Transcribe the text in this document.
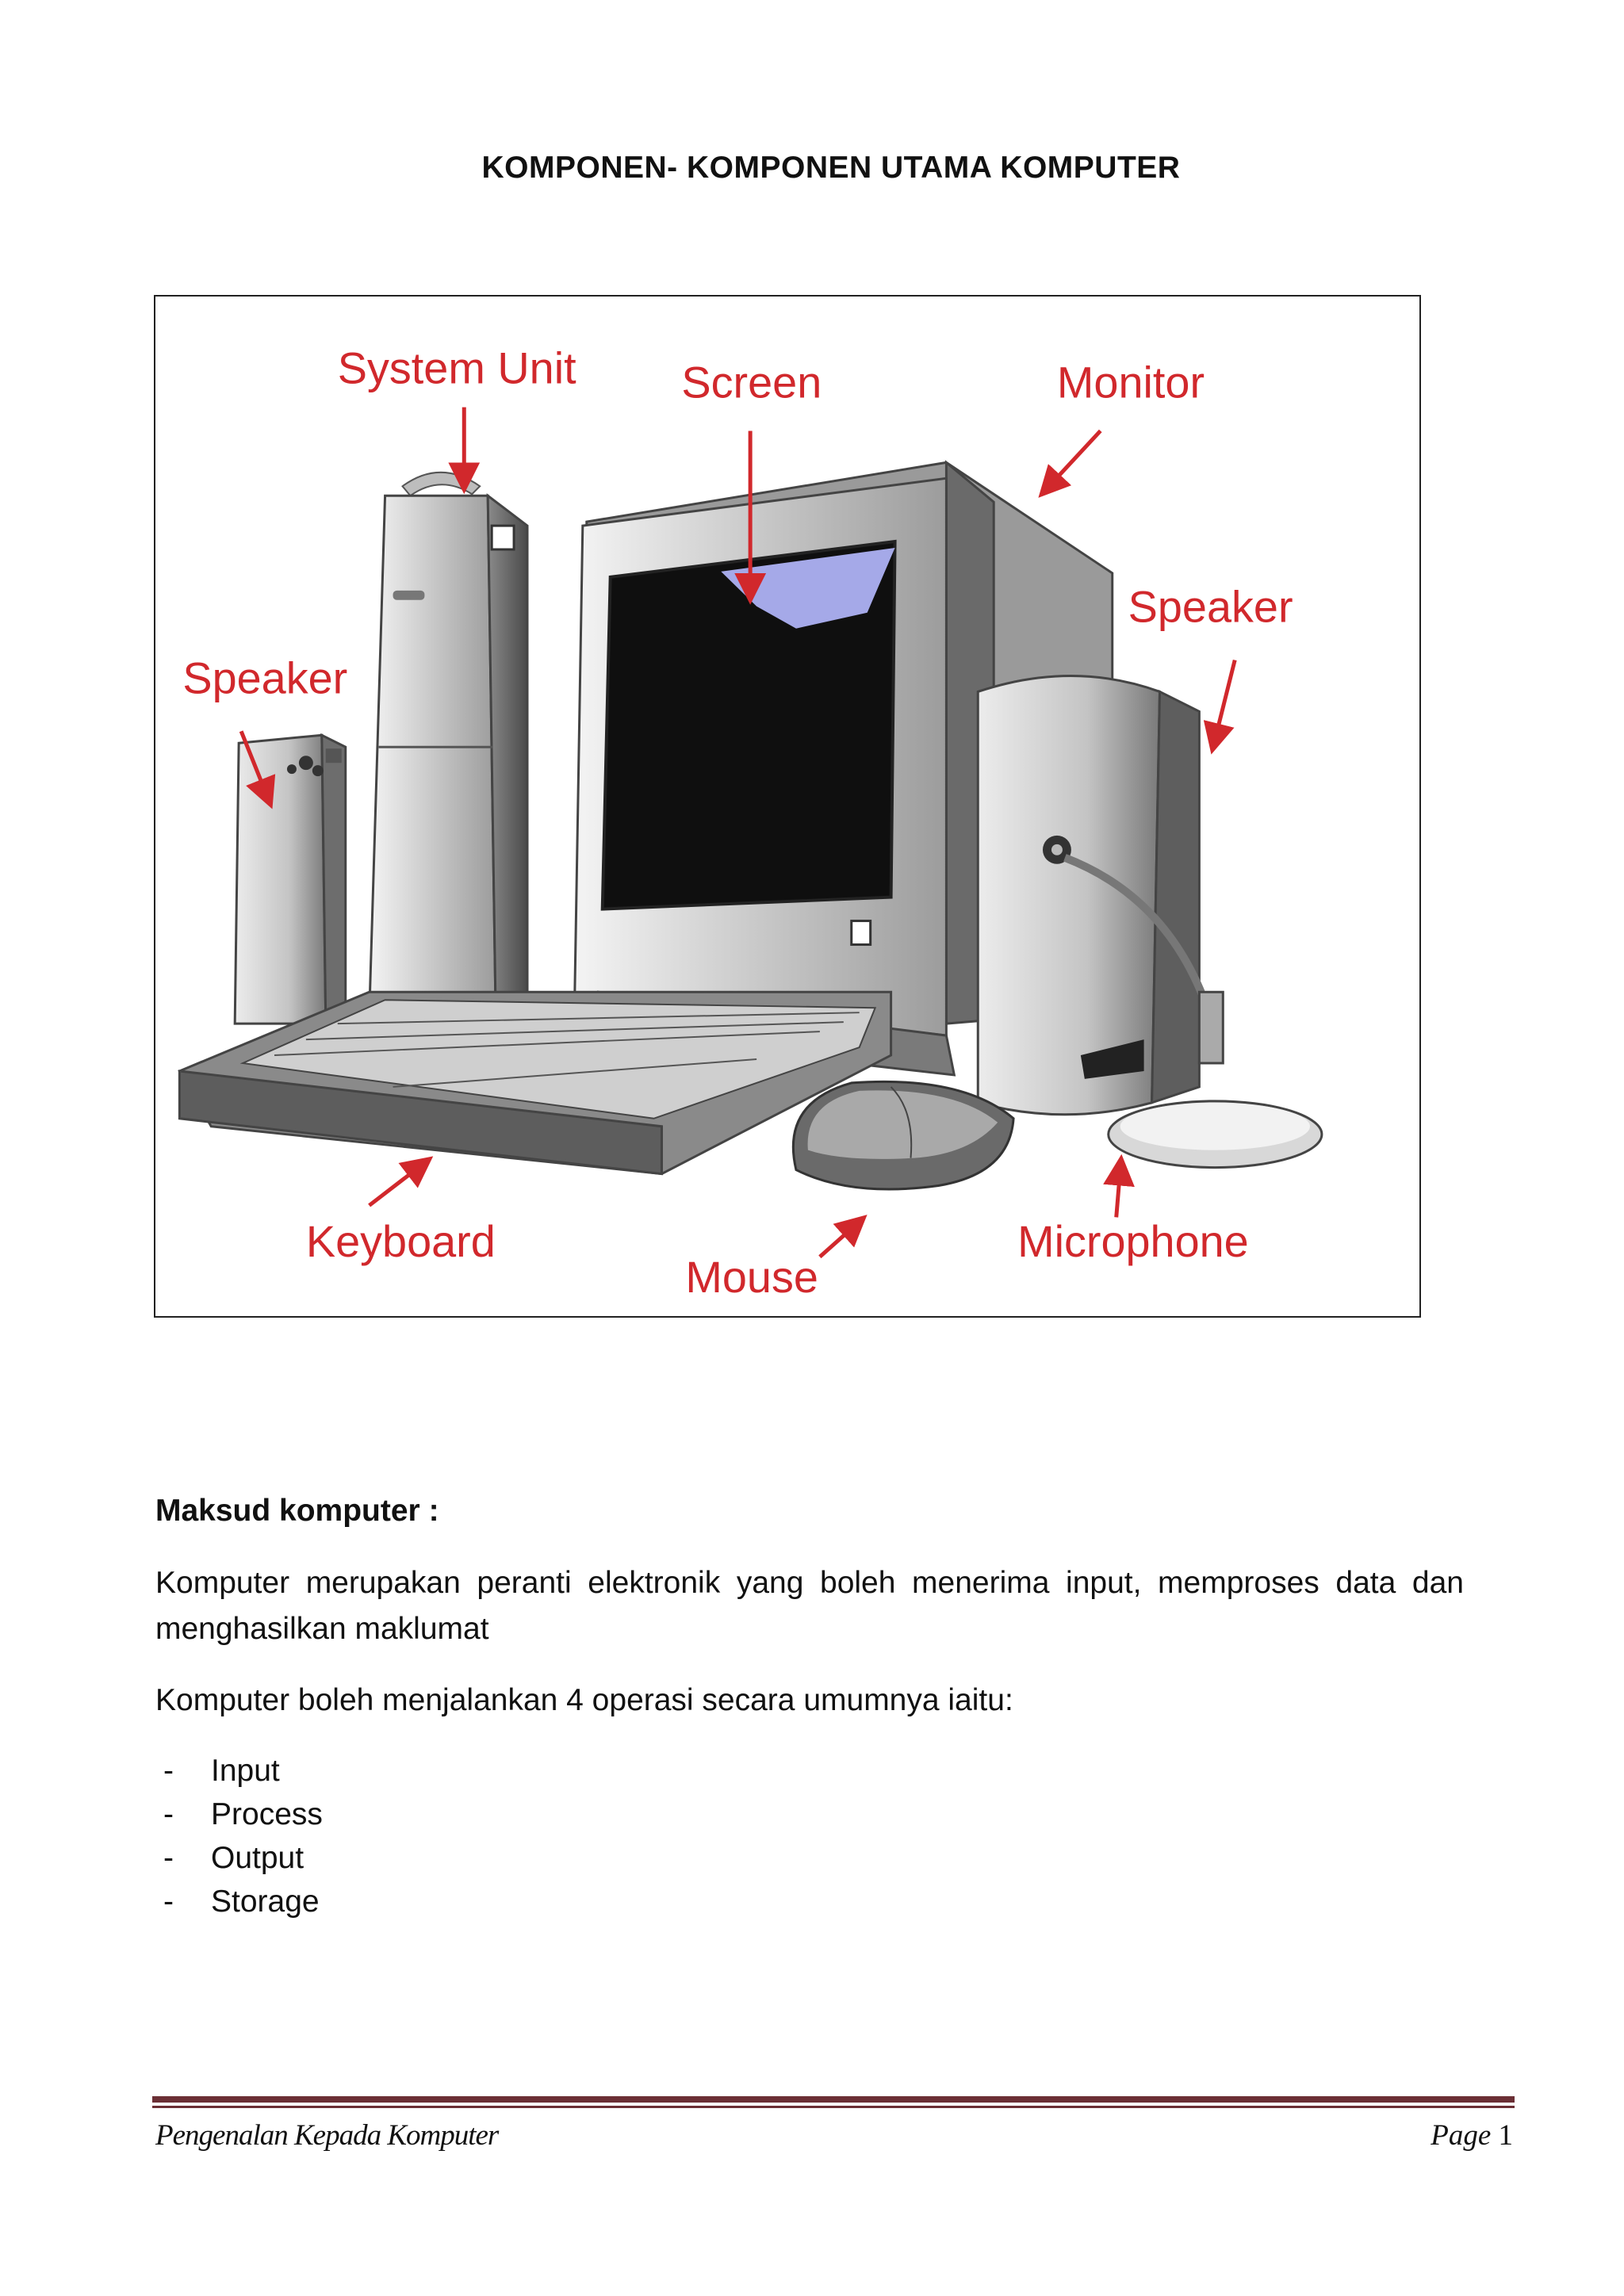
KOMPONEN- KOMPONEN UTAMA KOMPUTER
System Unit Screen	Monitor
Speaker
Speaker
Keyboard
Mouse
Microphone
Maksud komputer :
Komputer merupakan peranti elektronik yang boleh menerima input, memproses data dan menghasilkan maklumat
Komputer boleh menjalankan 4 operasi secara umumnya iaitu:
-	Input
-	Process
-	Output
-	Storage
Pengenalan Kepada Komputer	Page 1
